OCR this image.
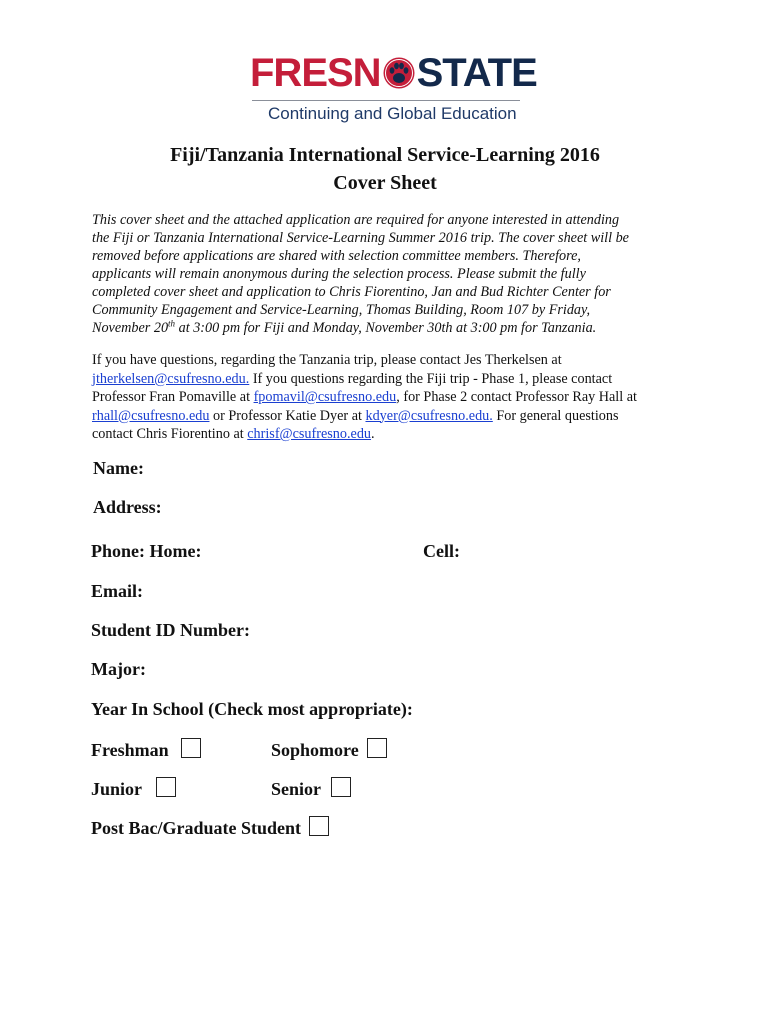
FRESN STATE
Continuing and Global Education
Fiji/Tanzania International Service-Learning 2016
Cover Sheet

This cover sheet and the attached application are required for anyone interested in attending

the Fiji or Tanzania International Service-Learning Summer 2016 trip. The cover sheet will be

removed before applications are shared with selection committee members. Therefore,

applicants will remain anonymous during the selection process. Please submit the fully

completed cover sheet and application to Chris Fiorentino, Jan and Bud Richter Center for

Community Engagement and Service-Learning, Thomas Building, Room 107 by Friday,

November 20th at 3:00 pm for Fiji and Monday, November 30th at 3:00 pm for Tanzania.

If you have questions, regarding the Tanzania trip, please contact Jes Therkelsen at

jtherkelsen@csufresno.edu. If you questions regarding the Fiji trip - Phase 1, please contact

Professor Fran Pomaville at fpomavil@csufresno.edu, for Phase 2 contact Professor Ray Hall at

rhall@csufresno.edu or Professor Katie Dyer at kdyer@csufresno.edu. For general questions

contact Chris Fiorentino at chrisf@csufresno.edu.

Name:
Address:
Phone: Home:	Cell:
Email:
Student ID Number:
Major:
Year In School (Check most appropriate):
Freshman	Sophomore
Junior	Senior
Post Bac/Graduate Student
